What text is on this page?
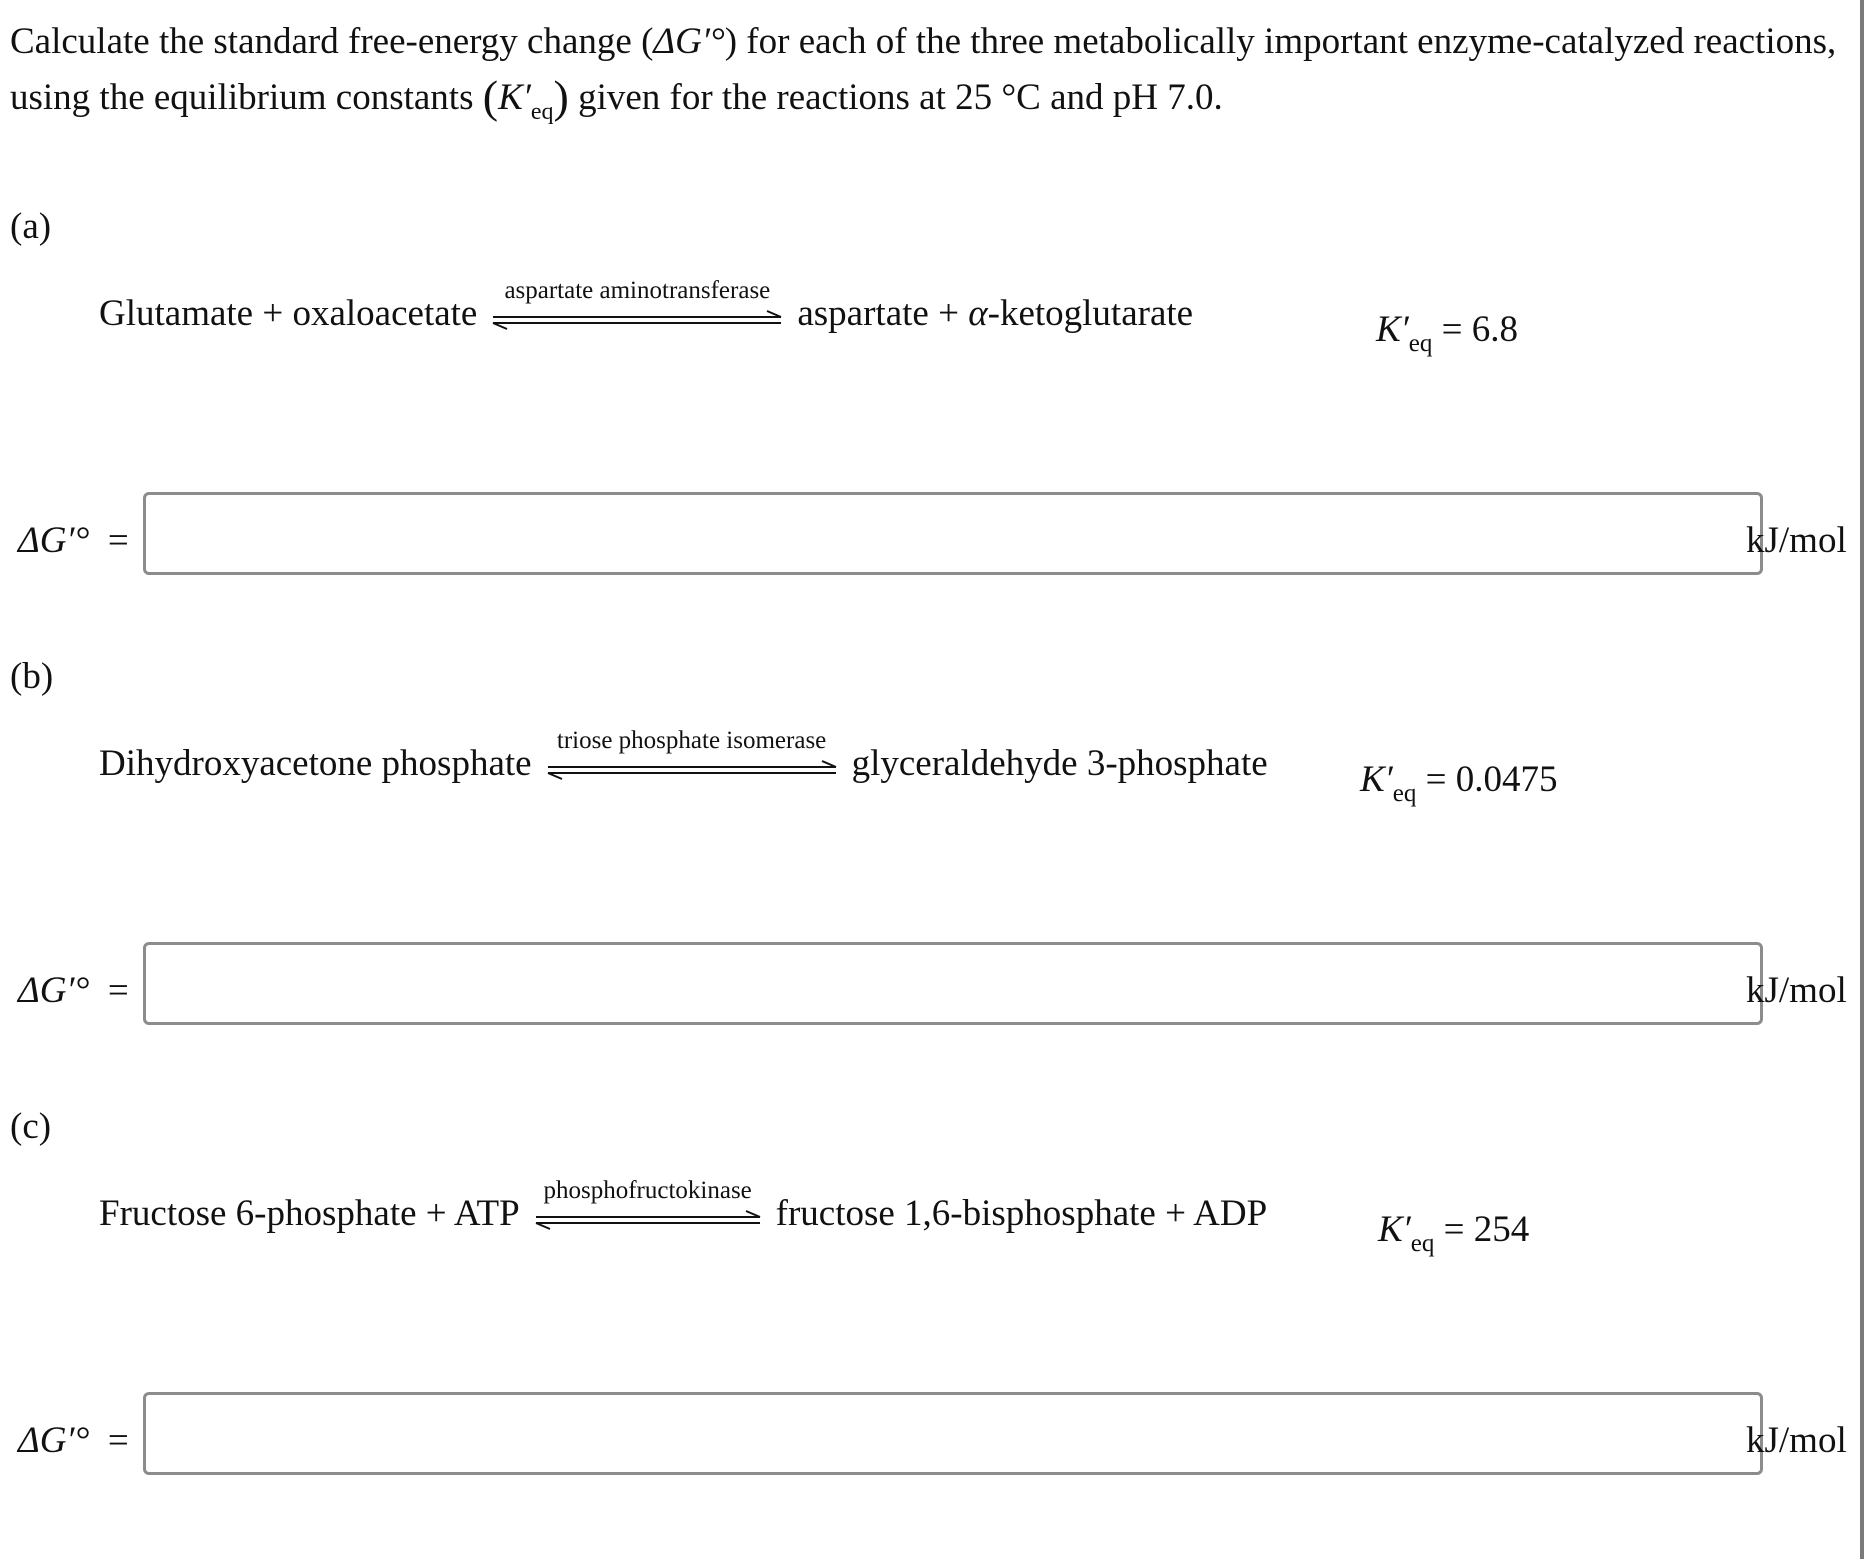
Calculate the standard free-energy change (ΔG′°) for each of the three metabolically important enzyme-catalyzed reactions, using the equilibrium constants $(K'_{eq})$ given for the reactions at 25 °C and pH 7.0.
(a)
Glutamate + oxaloacetate
aspartate aminotransferase
aspartate + α-ketoglutarate	$K'_{eq} = 6.8$
ΔG′° =	kJ/mol
(b)
Dihydroxyacetone phosphate
triose phosphate isomerase
glyceraldehyde 3-phosphate $K'_{eq} = 0.0475$
ΔG′° =	kJ/mol
(c)
Fructose 6-phosphate + ATP
phosphofructokinase
fructose 1,6-bisphosphate + ADP	$K'_{eq} = 254$
ΔG′° =	kJ/mol
